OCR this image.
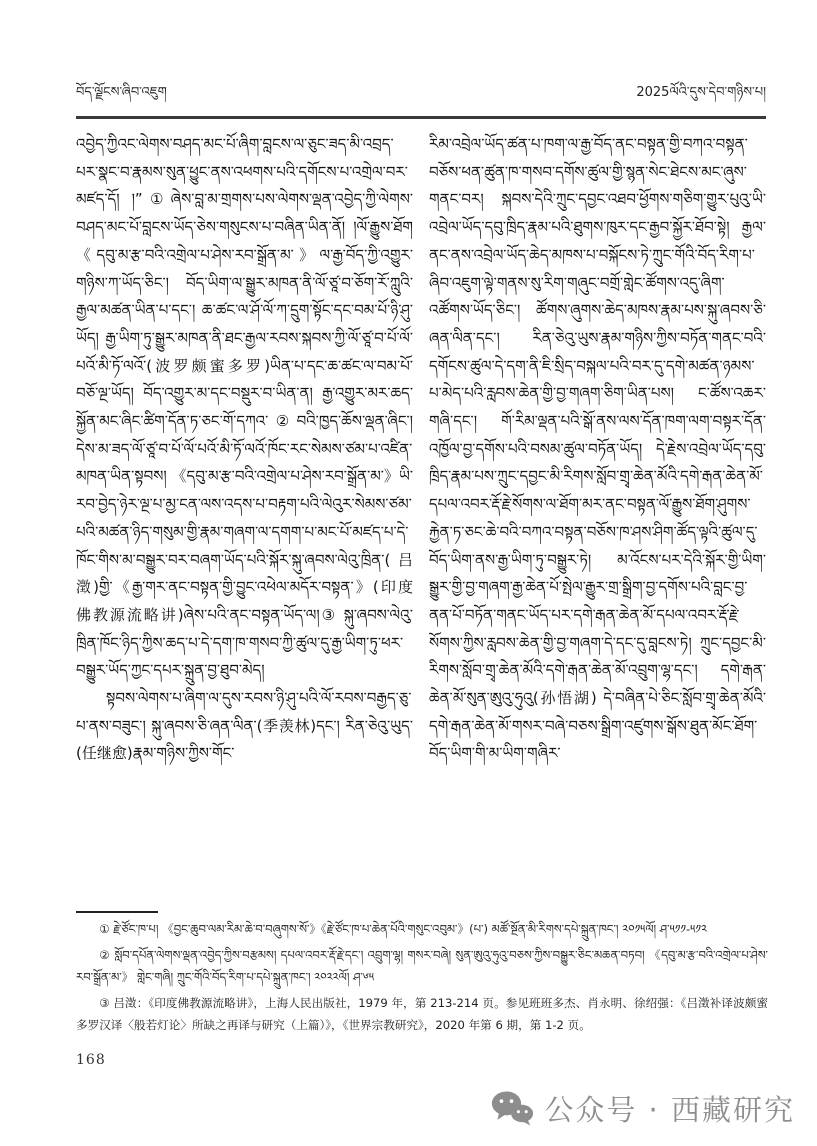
བོད་ལྗོངས་ཞིབ་འཇུག	2025ལོའི་དུས་དེབ་གཉིས་པ།

འབྱེད་ཀྱིའང་ལེགས་བཤད་མང་པོ་ཞིག་བླངས་ལ་ཅུང་ཟད་མི་འབྲད་པར་སྣང་བ་རྣམས་སུན་ཕྱུང་ནས་འཕགས་པའི་དགོངས་པ་འགྲེལ་བར་མཛད་དོ། །”①ཞེས་བླ་མ་གྲགས་པས་ལེགས་ལྡན་འབྱེད་ཀྱི་ལེགས་བཤད་མང་པོ་བླངས་ཡོད་ཅེས་གསུངས་པ་བཞིན་ཡིན་ནོ། །ལོ་རྒྱུས་ཐོག《དབུ་མ་རྩ་བའི་འགྲེལ་པ་ཤེས་རབ་སྒྲོན་མ་》ལ་རྒྱ་བོད་ཀྱི་འགྱུར་གཉིས་ཀ་ཡོད་ཅིང་། བོད་ཡིག་ལ་སྒྱུར་མཁན་ནི་ལོ་ཙཱ་བ་ཅོག་རོ་ཀླུའི་རྒྱལ་མཚན་ཡིན་པ་དང་། ཆ་ཚང་ལ་ཤོ་ལོ་ཀ་དྲུག་སྟོང་དང་བམ་པོ་ཉི་ཤུ་ཡོད། རྒྱ་ཡིག་ཏུ་སྒྱུར་མཁན་ནི་ཐང་རྒྱལ་རབས་སྐབས་ཀྱི་ལོ་ཙཱ་བ་པོ་ལོ་པའོ་མི་ཏོ་ལའོ་(波罗颇蜜多罗)ཡིན་པ་དང་ཆ་ཚང་ལ་བམ་པོ་བཅོ་ལྔ་ཡོད། བོད་འགྱུར་མ་དང་བསྡུར་བ་ཡིན་ན། རྒྱ་འགྱུར་མར་ཆད་སྐྱོན་མང་ཞིང་ཚིག་དོན་ཏ་ཅང་གོ་དཀའ་②བའི་ཁྱད་ཆོས་ལྡན་ཞིང་། དེས་མ་ཟད་ལོ་ཙཱ་བ་པོ་ལོ་པའོ་མི་ཏོ་ལའོ་ཁོང་རང་སེམས་ཙམ་པ་འཛིན་མཁན་ཡིན་སྟབས། 《དབུ་མ་རྩ་བའི་འགྲེལ་པ་ཤེས་རབ་སྒྲོན་མ་》ཡི་རབ་བྱེད་ཉེར་ལྔ་པ་མྱ་ངན་ལས་འདས་པ་བརྟག་པའི་ལེའུར་སེམས་ཙམ་པའི་མཚན་ཉིད་གསུམ་གྱི་རྣམ་གཞག་ལ་དགག་པ་མང་པོ་མཛད་པ་དེ་ཁོང་གིས་མ་བསྒྱུར་བར་བཞག་ཡོད་པའི་སྐོར་སྐུ་ཞབས་ལེའུ་ཁྲིན་(吕澂)གྱི་《རྒྱ་གར་ནང་བསྟན་གྱི་བྱུང་འཕེལ་མདོར་བསྟན་》(印度佛教源流略讲)ཞེས་པའི་ནང་བསྟན་ཡོད་ལ།③ སྐུ་ཞབས་ལེའུ་ཁྲིན་ཁོང་ཉིད་ཀྱིས་ཆད་པ་དེ་དག་ཁ་གསབ་ཀྱི་ཚུལ་དུ་རྒྱ་ཡིག་ཏུ་ཕར་བསྒྱུར་ཡོད་ཀྱང་དཔར་སྐྲུན་བྱ་ཐུབ་མེད།

སྟབས་ལེགས་པ་ཞིག་ལ་དུས་རབས་ཉི་ཤུ་པའི་ལོ་རབས་བརྒྱད་ཅུ་པ་ནས་བཟུང་། སྐུ་ཞབས་ཅི་ཞན་ལིན་(季羡林)དང་། རིན་ཅེའུ་ཡུད་(任继愈)རྣམ་གཉིས་ཀྱིས་གོང་

རིམ་འབྲེལ་ཡོད་ཚན་པ་ཁག་ལ་རྒྱ་བོད་ནང་བསྟན་གྱི་བཀའ་བསྟན་བཅོས་ཕན་ཚུན་ཁ་གསབ་དགོས་ཚུལ་གྱི་སྙན་སེང་ཐེངས་མང་ཞུས་གནང་བར། སྐབས་དེའི་ཀྲུང་དབྱང་འཐབ་ཕྱོགས་གཅིག་གྱུར་པུའུ་ཡི་འབྲེལ་ཡོད་དབུ་ཁྲིད་རྣམ་པའི་ཐུགས་ཁུར་དང་རྒྱབ་སྐྱོར་ཐོབ་སྟེ། རྒྱལ་ནང་ནས་འབྲེལ་ཡོད་ཆེད་མཁས་པ་བསྐོངས་ཏེ་ཀྲུང་གོའི་བོད་རིག་པ་ཞིབ་འཇུག་ལྟེ་གནས་སུ་རིག་གཞུང་བགྲོ་གླེང་ཚོགས་འདུ་ཞིག་འཚོགས་ཡོད་ཅིང་། ཚོགས་ཞུགས་ཆེད་མཁས་རྣམ་པས་སྐུ་ཞབས་ཅི་ཞན་ལིན་དང་། རིན་ཅེའུ་ཡུས་རྣམ་གཉིས་ཀྱིས་བཏོན་གནང་བའི་དགོངས་ཚུལ་དེ་དག་ནི་ཇི་སྲིད་བསྐལ་པའི་བར་དུ་དགེ་མཚན་ཉམས་པ་མེད་པའི་རླབས་ཆེན་གྱི་བྱ་གཞག་ཅིག་ཡིན་པས། ང་ཚོས་འཆར་གཞི་དང་། གོ་རིམ་ལྡན་པའི་སྒོ་ནས་ལས་དོན་ཁག་ལག་བསྟར་དོན་འཁྱོལ་བྱ་དགོས་པའི་བསམ་ཚུལ་བཏོན་ཡོད། དེ་རྗེས་འབྲེལ་ཡོད་དབུ་ཁྲིད་རྣམ་པས་ཀྲུང་དབྱང་མི་རིགས་སློབ་གྲྭ་ཆེན་མོའི་དགེ་རྒན་ཆེན་མོ་དཔལ་འབར་རྡོ་རྗེ་སོགས་ལ་ཐོག་མར་ནང་བསྟན་ལོ་རྒྱུས་ཐོག་ཤུགས་རྐྱེན་ཏ་ཅང་ཆེ་བའི་བཀའ་བསྟན་བཅོས་ཁ་ཤས་ཤིག་ཚོད་ལྟའི་ཚུལ་དུ་བོད་ཡིག་ནས་རྒྱ་ཡིག་ཏུ་བསྒྱུར་ཏེ། མ་འོངས་པར་དེའི་སྐོར་གྱི་ཡིག་སྒྱུར་གྱི་བྱ་གཞག་རྒྱ་ཆེན་པོ་སྤེལ་རྒྱུར་གྲ་སྒྲིག་བྱ་དགོས་པའི་བླང་བྱ་ནན་པོ་བཏོན་གནང་ཡོད་པར་དགེ་རྒན་ཆེན་མོ་དཔལ་འབར་རྡོ་རྗེ་སོགས་ཀྱིས་རླབས་ཆེན་གྱི་བྱ་གཞག་དེ་དང་དུ་བླངས་ཏེ། ཀྲུང་དབྱང་མི་རིགས་སློབ་གྲྭ་ཆེན་མོའི་དགེ་རྒན་ཆེན་མོ་འབྲུག་ལྷ་དང་། དགེ་རྒན་ཆེན་མོ་སུན་ཨུའུ་ཧུའུ(孙悟湖) དེ་བཞིན་པེ་ཅིང་སློབ་གྲྭ་ཆེན་མོའི་དགེ་རྒན་ཆེན་མོ་གསར་བཞེ་བཅས་སྒྲིག་འཛུགས་སྒོས་ཐུན་མོང་ཐོག་བོད་ཡིག་གི་མ་ཡིག་གཞིར་

① རྗེ་ཙོང་ཁ་པ། 《བྱང་ཆུབ་ལམ་རིམ་ཆེ་བ་བཞུགས་སོ་》《རྗེ་ཙོང་ཁ་པ་ཆེན་པོའི་གསུང་འབུམ་》(པ་) མཚོ་སྔོན་མི་རིགས་དཔེ་སྐྲུན་ཁང་། ༢༠༡༥ལོ། ཤ་༥༡༡-༥༡༢

② སློབ་དཔོན་ལེགས་ལྡན་འབྱེད་ཀྱིས་བརྩམས། དཔལ་འབར་རྡོ་རྗེ་དང་། འབྲུག་ལྷ། གསར་བཞེ། སུན་ཨུའུ་ཧུའུ་བཅས་ཀྱིས་བསྒྱུར་ཅིང་མཆན་བཏབ། 《དབུ་མ་རྩ་བའི་འགྲེལ་པ་ཤེས་རབ་སྒྲོན་མ་》 གླེང་གཞི། ཀྲུང་གོའི་བོད་རིག་པ་དཔེ་སྐྲུན་ཁང་། ༢༠༢༢ལོ། ཤ་༦༥

③ 吕澂：《印度佛教源流略讲》，上海人民出版社，1979 年，第 213-214 页。参见班班多杰、肖永明、徐绍强：《吕澂补译波颇蜜多罗汉译〈般若灯论〉所缺之再译与研究（上篇）》，《世界宗教研究》，2020 年第 6 期，第 1-2 页。

168
公众号 · 西藏研究
